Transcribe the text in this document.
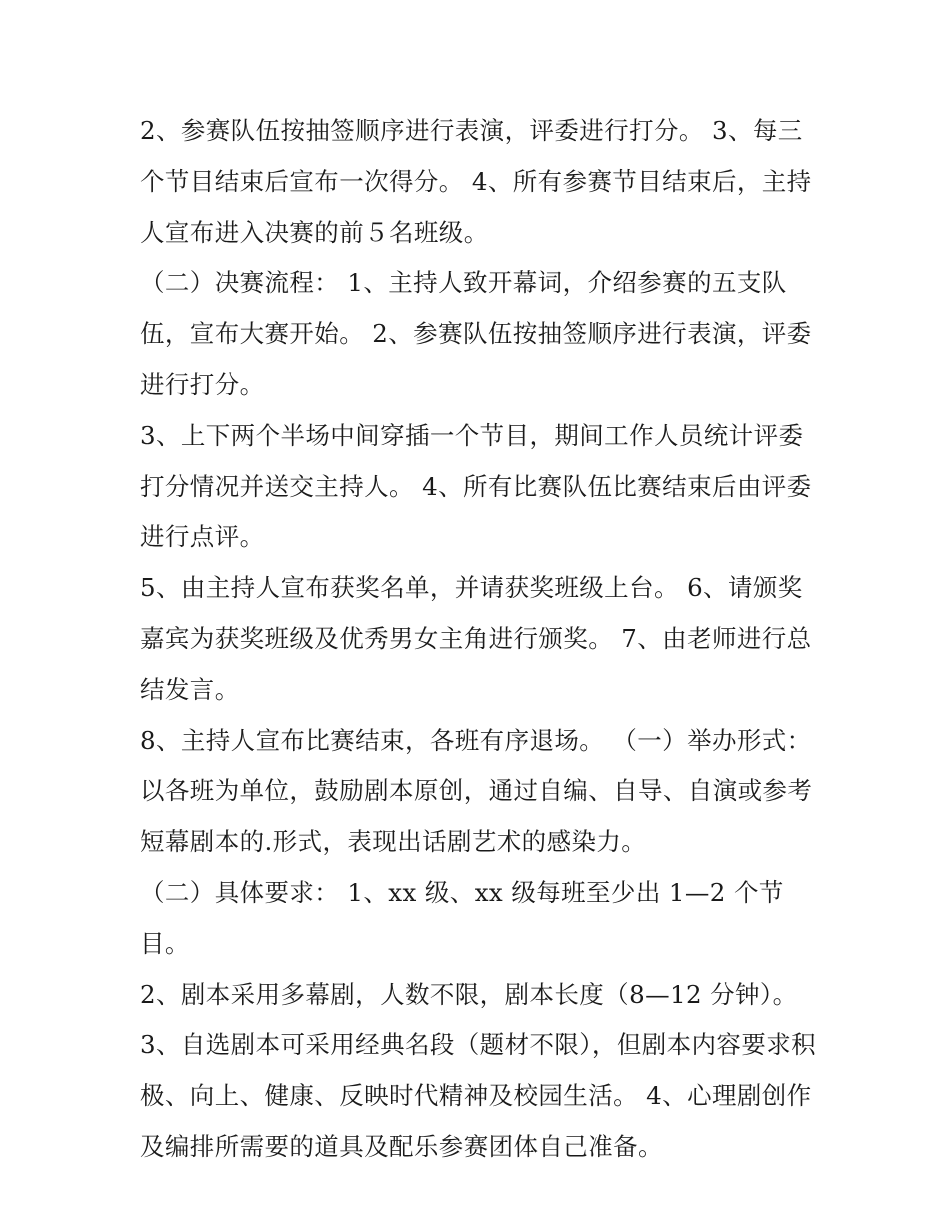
2、参赛队伍按抽签顺序进行表演，评委进行打分。 3、每三个节目结束后宣布一次得分。 4、所有参赛节目结束后，主持人宣布进入决赛的前５名班级。

（二）决赛流程： 1、主持人致开幕词，介绍参赛的五支队伍，宣布大赛开始。 2、参赛队伍按抽签顺序进行表演，评委进行打分。

3、上下两个半场中间穿插一个节目，期间工作人员统计评委打分情况并送交主持人。 4、所有比赛队伍比赛结束后由评委进行点评。

5、由主持人宣布获奖名单，并请获奖班级上台。 6、请颁奖嘉宾为获奖班级及优秀男女主角进行颁奖。 7、由老师进行总结发言。

8、主持人宣布比赛结束，各班有序退场。 （一）举办形式：以各班为单位，鼓励剧本原创，通过自编、自导、自演或参考短幕剧本的.形式，表现出话剧艺术的感染力。

（二）具体要求： 1、xx 级、xx 级每班至少出 1—2 个节目。

2、剧本采用多幕剧，人数不限，剧本长度（8—12 分钟）。

3、自选剧本可采用经典名段（题材不限），但剧本内容要求积极、向上、健康、反映时代精神及校园生活。 4、心理剧创作及编排所需要的道具及配乐参赛团体自己准备。
